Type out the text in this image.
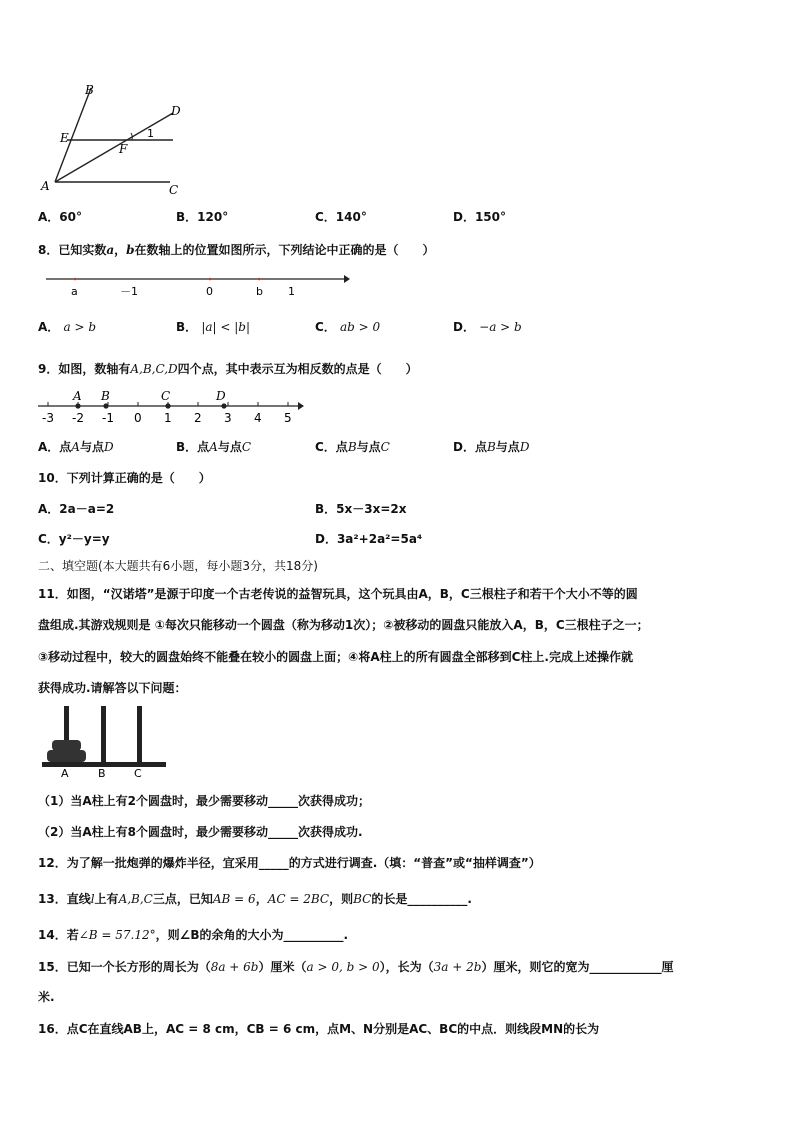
B
D
E
F
1
A	C
A．60°	B．120°	C．140°	D．150°
8．已知实数a，b在数轴上的位置如图所示，下列结论中正确的是（　　）
a	－1	0	b 1
A． a > b	B． |a| < |b|	C． ab > 0	D． −a > b
9．如图，数轴有A,B,C,D四个点，其中表示互为相反数的点是（　　）
A B	C	D
-3 -2 -1 0 1 2 3 4 5
A．点A与点D	B．点A与点C	C．点B与点C	D．点B与点D
10．下列计算正确的是（　　）
A．2a－a=2	B．5x－3x=2x
C．y²－y=y	D．3a²+2a²=5a⁴
二、填空题(本大题共有6小题，每小题3分，共18分)
11．如图，“汉诺塔”是源于印度一个古老传说的益智玩具，这个玩具由A，B，C三根柱子和若干个大小不等的圆
盘组成.其游戏规则是 ①每次只能移动一个圆盘（称为移动1次）；②被移动的圆盘只能放入A，B，C三根柱子之一；
③移动过程中，较大的圆盘始终不能叠在较小的圆盘上面；④将A柱上的所有圆盘全部移到C柱上.完成上述操作就
获得成功.请解答以下问题：
A	B	C
（1）当A柱上有2个圆盘时，最少需要移动_____次获得成功；
（2）当A柱上有8个圆盘时，最少需要移动_____次获得成功.
12．为了解一批炮弹的爆炸半径，宜采用_____的方式进行调查.（填：“普查”或“抽样调查”）
13．直线l上有A,B,C三点，已知AB = 6，AC = 2BC，则BC的长是__________.
14．若∠B = 57.12°，则∠B的余角的大小为__________.
15．已知一个长方形的周长为（8a + 6b）厘米（a > 0, b > 0），长为（3a + 2b）厘米，则它的宽为____________厘
米.
16．点C在直线AB上，AC = 8 cm，CB = 6 cm，点M、N分别是AC、BC的中点．则线段MN的长为
